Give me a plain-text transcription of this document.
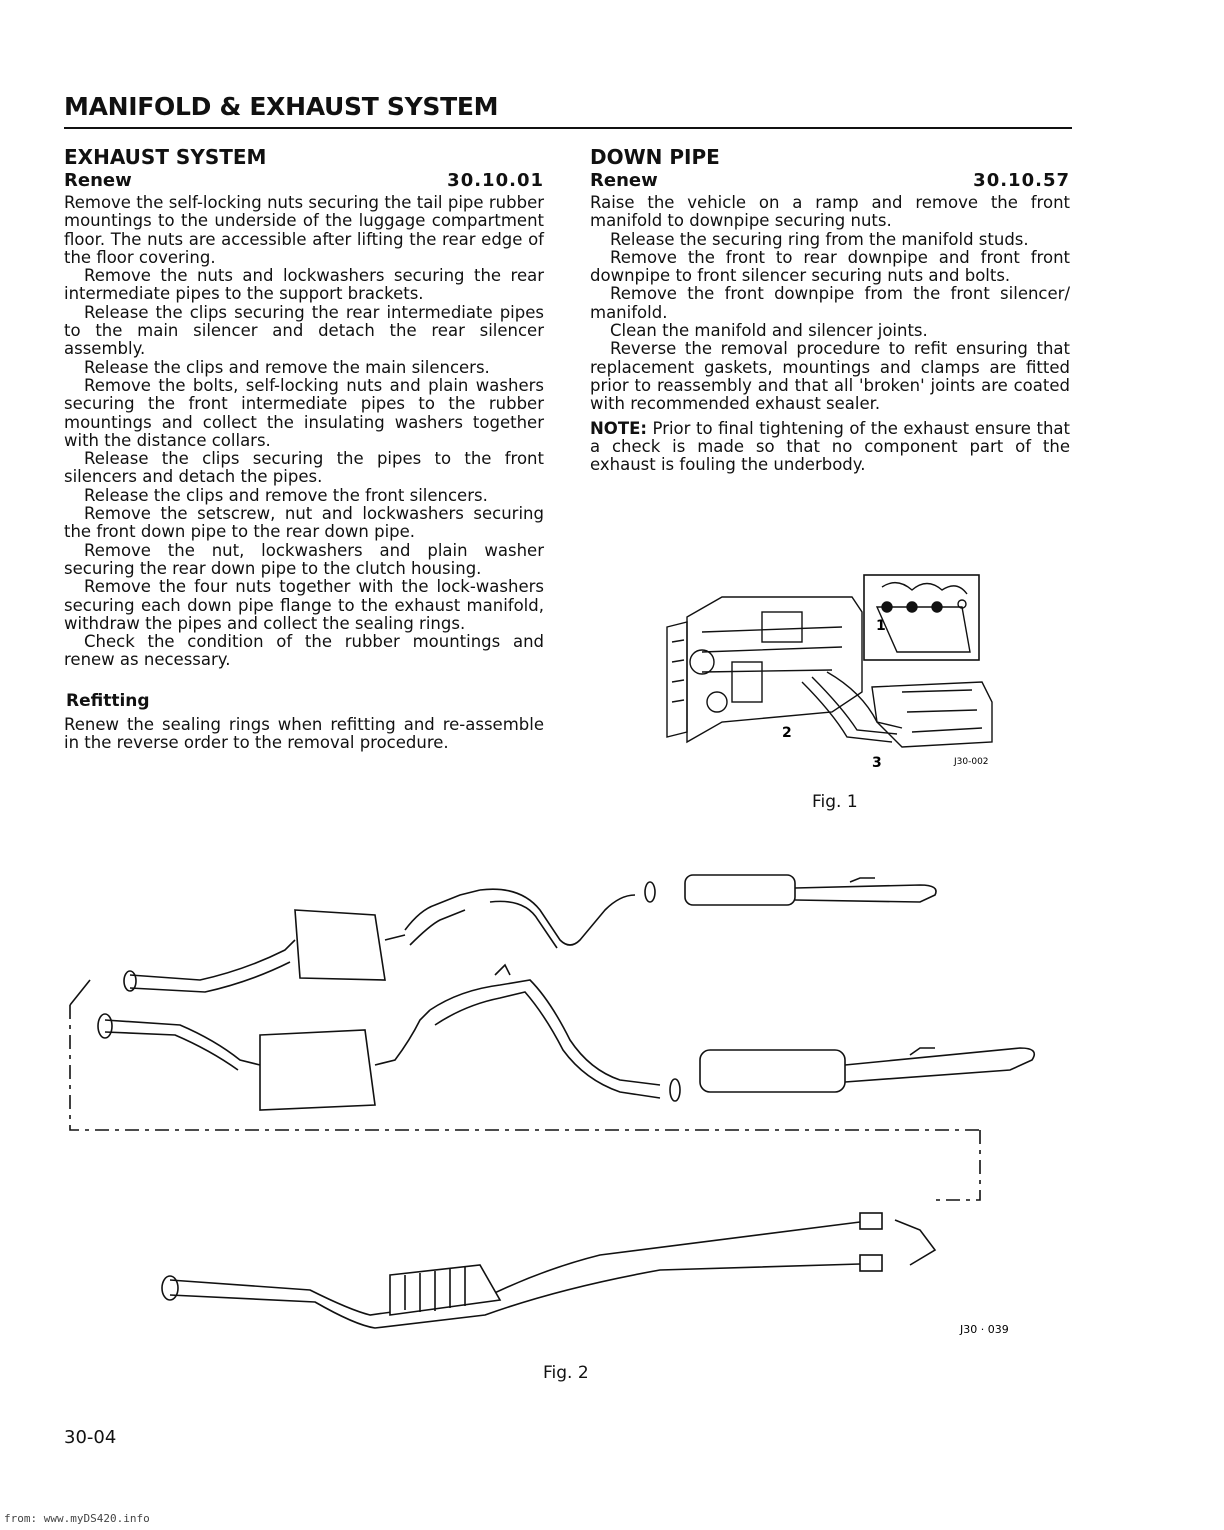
MANIFOLD & EXHAUST SYSTEM
EXHAUST SYSTEM
Renew	30.10.01

Remove the self-locking nuts securing the tail pipe rubber mountings to the underside of the luggage compartment floor. The nuts are accessible after lifting the rear edge of the floor covering.

Remove the nuts and lockwashers securing the rear intermediate pipes to the support brackets.

Release the clips securing the rear intermediate pipes to the main silencer and detach the rear silencer assembly.

Release the clips and remove the main silencers.

Remove the bolts, self-locking nuts and plain washers securing the front intermediate pipes to the rubber mountings and collect the insulating washers together with the distance collars.

Release the clips securing the pipes to the front silencers and detach the pipes.

Release the clips and remove the front silencers.

Remove the setscrew, nut and lockwashers securing the front down pipe to the rear down pipe.

Remove the nut, lockwashers and plain washer securing the rear down pipe to the clutch housing.

Remove the four nuts together with the lock-washers securing each down pipe flange to the exhaust manifold, withdraw the pipes and collect the sealing rings.

Check the condition of the rubber mountings and renew as necessary.

Refitting

Renew the sealing rings when refitting and re-assemble in the reverse order to the removal procedure.

DOWN PIPE
Renew	30.10.57

Raise the vehicle on a ramp and remove the front manifold to downpipe securing nuts.

Release the securing ring from the manifold studs.

Remove the front to rear downpipe and front front downpipe to front silencer securing nuts and bolts.

Remove the front downpipe from the front silencer/ manifold.

Clean the manifold and silencer joints.

Reverse the removal procedure to refit ensuring that replacement gaskets, mountings and clamps are fitted prior to reassembly and that all 'broken' joints are coated with recommended exhaust sealer.

NOTE: Prior to final tightening of the exhaust ensure that a check is made so that no component part of the exhaust is fouling the underbody.

1
2
3	J30-002
Fig. 1
J30 · 039
Fig. 2
30-04
from: www.myDS420.info
